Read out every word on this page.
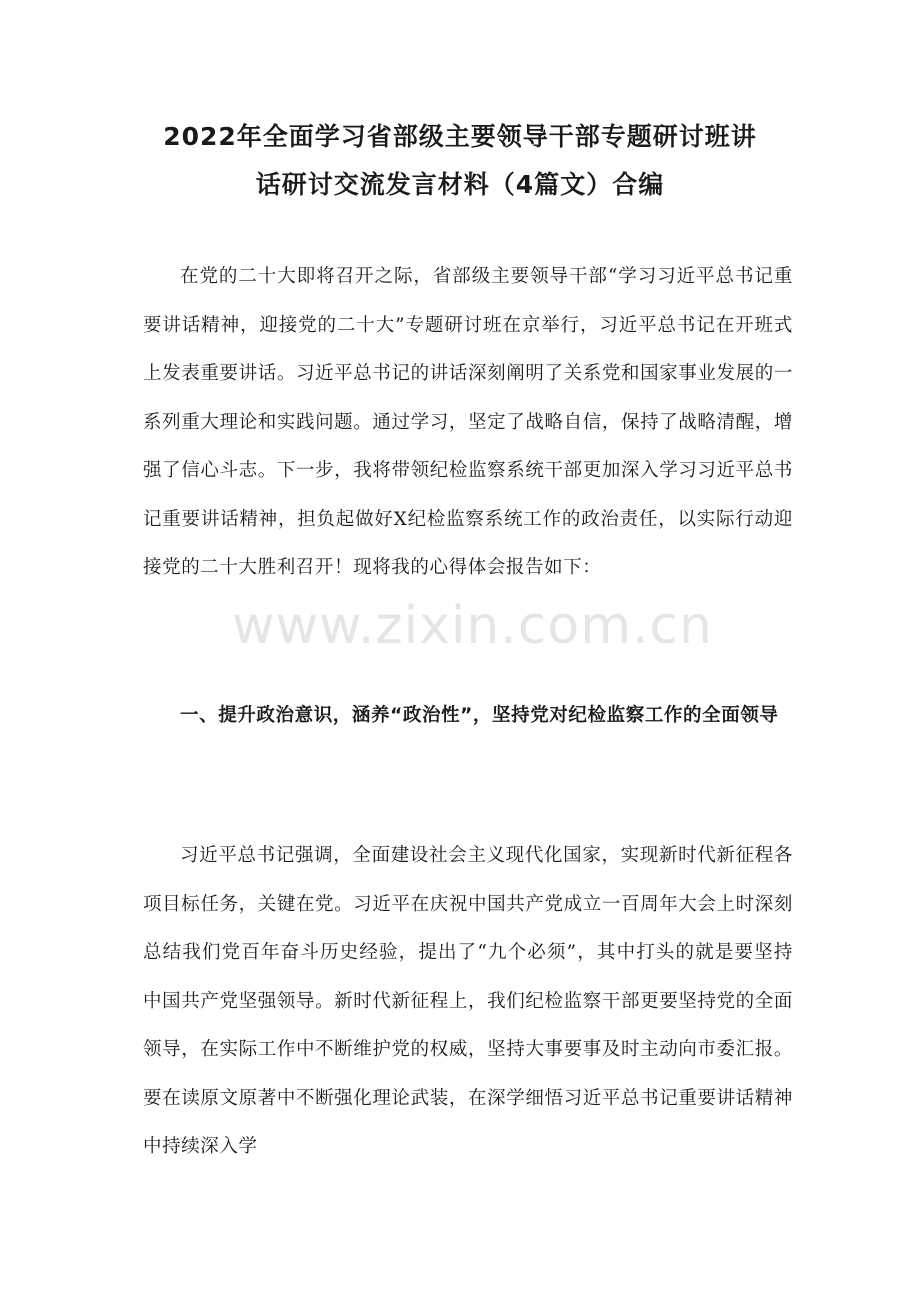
2022年全面学习省部级主要领导干部专题研讨班讲
话研讨交流发言材料（4篇文）合编
在党的二十大即将召开之际，省部级主要领导干部“学习习近平总书记重要讲话精神，迎接党的二十大”专题研讨班在京举行，习近平总书记在开班式上发表重要讲话。习近平总书记的讲话深刻阐明了关系党和国家事业发展的一系列重大理论和实践问题。通过学习，坚定了战略自信，保持了战略清醒，增强了信心斗志。下一步，我将带领纪检监察系统干部更加深入学习习近平总书记重要讲话精神，担负起做好X纪检监察系统工作的政治责任，以实际行动迎接党的二十大胜利召开！现将我的心得体会报告如下：
一、提升政治意识，涵养“政治性”，坚持党对纪检监察工作的全面领导
习近平总书记强调，全面建设社会主义现代化国家，实现新时代新征程各项目标任务，关键在党。习近平在庆祝中国共产党成立一百周年大会上时深刻总结我们党百年奋斗历史经验，提出了“九个必须”，其中打头的就是要坚持中国共产党坚强领导。新时代新征程上，我们纪检监察干部更要坚持党的全面领导，在实际工作中不断维护党的权威，坚持大事要事及时主动向市委汇报。要在读原文原著中不断强化理论武装，在深学细悟习近平总书记重要讲话精神中持续深入学
www.zixin.com.cn
